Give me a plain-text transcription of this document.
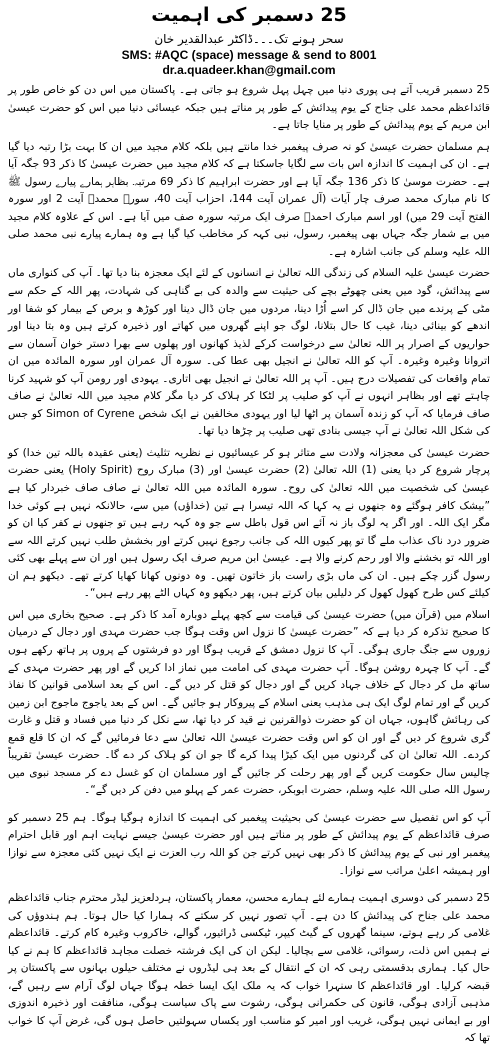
25 دسمبر کی اہمیت
سحر ہونے تک۔۔۔ڈاکٹر عبدالقدیر خان
SMS: #AQC (space) message & send to 8001
dr.a.quadeer.khan@gmail.com

25 دسمبر قریب آتے ہی پوری دنیا میں چہل پہل شروع ہو جاتی ہے۔ پاکستان میں اس دن کو خاص طور پر قائداعظم محمد علی جناح کے یوم پیدائش کے طور پر مناتے ہیں جبکہ عیسائی دنیا میں اس کو حضرت عیسیٰ ابن مریم کے یوم پیدائش کے طور پر منایا جاتا ہے۔

ہم مسلمان حضرت عیسیٰ کو نہ صرف پیغمبر خدا مانتے ہیں بلکہ کلام مجید میں ان کا بہت بڑا رتبہ دیا گیا ہے۔ ان کی اہمیت کا اندازہ اس بات سے لگایا جاسکتا ہے کہ کلام مجید میں حضرت عیسیٰ کا ذکر 93 جگہ آیا ہے۔ حضرت موسیٰ کا ذکر 136 جگہ آیا ہے اور حضرت ابراہیم کا ذکر 69 مرتبہ۔ بظاہر ہمارے پیارے رسول ﷺ کا نام مبارک محمد صرف چار آیات (آل عمران آیت 144، احزاب آیت 40، سورہ محمدؐ آیت 2 اور سورہ الفتح آیت 29 میں) اور اسم مبارک احمدؐ صرف ایک مرتبہ سورہ صف میں آیا ہے۔ اس کے علاوہ کلام مجید میں بے شمار جگہ جہاں بھی پیغمبر، رسول، نبی کہہ کر مخاطب کیا گیا ہے وہ ہمارے پیارے نبی محمد صلی اللہ علیہ وسلم کی جانب اشارہ ہے۔

حضرت عیسیٰ علیہ السلام کی زندگی اللہ تعالیٰ نے انسانوں کے لئے ایک معجزہ بنا دیا تھا۔ آپ کی کنواری ماں سے پیدائش، گود میں یعنی چھوٹے بچے کی حیثیت سے والدہ کی بے گناہی کی شہادت، پھر اللہ کے حکم سے مٹی کے پرندے میں جان ڈال کر اسے اُڑا دینا، مردوں میں جان ڈال دینا اور کوڑھ و برص کے بیمار کو شفا اور اندھے کو بینائی دینا، غیب کا حال بتلانا، لوگ جو اپنے گھروں میں کھاتے اور ذخیرہ کرتے ہیں وہ بتا دینا اور حواریوں کے اصرار پر اللہ تعالیٰ سے درخواست کرکے لذیذ کھانوں اور پھلوں سے بھرا دستر خوان آسمان سے اتروانا وغیرہ وغیرہ۔ آپ کو اللہ تعالیٰ نے انجیل بھی عطا کی۔ سورہ آل عمران اور سورہ المائدہ میں ان تمام واقعات کی تفصیلات درج ہیں۔ آپ پر اللہ تعالیٰ نے انجیل بھی اتاری۔ یہودی اور رومن آپ کو شہید کرنا چاہتے تھے اور بظاہر انہوں نے آپ کو صلیب پر لٹکا کر ہلاک کر دیا مگر کلام مجید میں اللہ تعالیٰ نے صاف صاف فرمایا کہ آپ کو زندہ آسمان پر اٹھا لیا اور یہودی مخالفین نے ایک شخص Simon of Cyrene کو جس کی شکل اللہ تعالیٰ نے آپ جیسی بنادی تھی صلیب پر چڑھا دیا تھا۔

حضرت عیسیٰ کی معجزانہ ولادت سے متاثر ہو کر عیسائیوں نے نظریہ تثلیث (یعنی عقیدہ باللہ تین خدا) کو پرچار شروع کر دیا یعنی (1) اللہ تعالیٰ (2) حضرت عیسیٰ اور (3) مبارک روح (Holy Spirit) یعنی حضرت عیسیٰ کی شخصیت میں اللہ تعالیٰ کی روح۔ سورہ المائدہ میں اللہ تعالیٰ نے صاف صاف خبردار کیا ہے ”بیشک کافر ہوگئے وہ جنھوں نے یہ کہا کہ اللہ تیسرا ہے تین (خداؤں) میں سے، حالانکہ نہیں ہے کوئی خدا مگر ایک اللہ۔ اور اگر یہ لوگ باز نہ آئے اس قول باطل سے جو وہ کہہ رہے ہیں تو جنھوں نے کفر کیا ان کو ضرور درد ناک عذاب ملے گا تو پھر کیوں اللہ کی جانب رجوع نہیں کرتے اور بخشش طلب نہیں کرتے اللہ سے اور اللہ تو بخشنے والا اور رحم کرنے والا ہے۔ عیسیٰ ابن مریم صرف ایک رسول ہیں اور ان سے پہلے بھی کئی رسول گزر چکے ہیں۔ ان کی ماں بڑی راست باز خاتون تھیں۔ وہ دونوں کھانا کھایا کرتے تھے۔ دیکھو ہم ان کیلئے کس طرح کھول کھول کر دلیلیں بیان کرتے ہیں، پھر دیکھو وہ کہاں الٹے پھر رہے ہیں“۔

اسلام میں (قرآن میں) حضرت عیسیٰ کی قیامت سے کچھ پہلے دوبارہ آمد کا ذکر ہے۔ صحیح بخاری میں اس کا صحیح تذکرہ کر دیا ہے کہ ”حضرت عیسیٰ کا نزول اس وقت ہوگا جب حضرت مہدی اور دجال کے درمیان زوروں سے جنگ جاری ہوگی۔ آپ کا نزول دمشق کے قریب ہوگا اور دو فرشتوں کے پروں پر ہاتھ رکھے ہوں گے۔ آپ کا چہرہ روشن ہوگا۔ آپ حضرت مہدی کی امامت میں نماز ادا کریں گے اور پھر حضرت مہدی کے ساتھ مل کر دجال کے خلاف جہاد کریں گے اور دجال کو قتل کر دیں گے۔ اس کے بعد اسلامی قوانین کا نفاذ کریں گے اور تمام لوگ ایک ہی مذہب یعنی اسلام کے پیروکار ہو جائیں گے۔ اس کے بعد یاجوج ماجوج ابن زمین کی رہائش گاہوں، جہاں ان کو حضرت ذوالقرنین نے قید کر دیا تھا، سے نکل کر دنیا میں فساد و قتل و غارت گری شروع کر دیں گے اور ان کو اس وقت حضرت عیسیٰ اللہ تعالیٰ سے دعا فرمائیں گے کہ ان کا قلع قمع کردے۔ اللہ تعالیٰ ان کی گردنوں میں ایک کیڑا پیدا کرے گا جو ان کو ہلاک کر دے گا۔ حضرت عیسیٰ تقریباً چالیس سال حکومت کریں گے اور پھر رحلت کر جائیں گے اور مسلمان ان کو غسل دے کر مسجد نبوی میں رسول اللہ صلی اللہ علیہ وسلم، حضرت ابوبکر، حضرت عمر کے پہلو میں دفن کر دیں گے“۔

آپ کو اس تفصیل سے حضرت عیسیٰ کی بحیثیت پیغمبر کی اہمیت کا اندازہ ہوگیا ہوگا۔ ہم 25 دسمبر کو صرف قائداعظم کے یوم پیدائش کے طور پر مناتے ہیں اور حضرت عیسیٰ جیسے نہایت اہم اور قابل احترام پیغمبر اور نبی کے یوم پیدائش کا ذکر بھی نہیں کرتے جن کو اللہ رب العزت نے ایک نہیں کئی معجزہ سے نوازا اور ہمیشہ اعلیٰ مراتب سے نوازا۔

25 دسمبر کی دوسری اہمیت ہمارے لئے ہمارے محسن، معمار پاکستان، ہردلعزیز لیڈر محترم جناب قائداعظم محمد علی جناح کی پیدائش کا دن ہے۔ آپ تصور نہیں کر سکتے کہ ہمارا کیا حال ہوتا۔ ہم ہندوؤں کی غلامی کر رہے ہوتے، سینما گھروں کے گیٹ کیپر، ٹیکسی ڈرائیور، گوالے، خاکروب وغیرہ کام کرتے۔ قائداعظم نے ہمیں اس ذلت، رسوائی، غلامی سے بچالیا۔ لیکن ان کی ایک فرشتہ خصلت مجاہد قائداعظم کا ہم نے کیا حال کیا۔ ہماری بدقسمتی رہی کہ ان کے انتقال کے بعد ہی لیڈروں نے مختلف حیلوں بہانوں سے پاکستان پر قبضہ کرلیا۔ اور قائداعظم کا سنہرا خواب کہ یہ ملک ایک ایسا خطہ ہوگا جہاں لوگ آرام سے رہیں گے، مذہبی آزادی ہوگی، قانون کی حکمرانی ہوگی، رشوت سے پاک سیاست ہوگی، منافقت اور ذخیرہ اندوزی اور بے ایمانی نہیں ہوگی، غریب اور امیر کو مناسب اور یکساں سہولتیں حاصل ہوں گی، غرض آپ کا خواب تھا کہ
